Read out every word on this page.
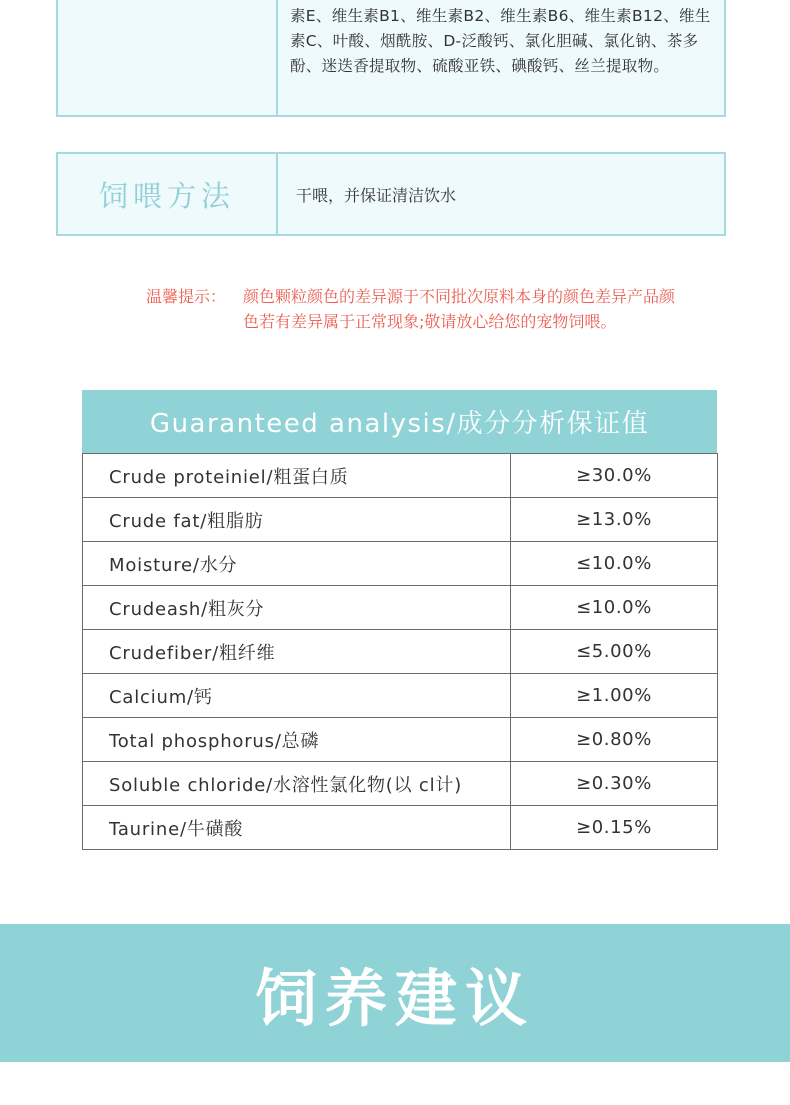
素E、维生素B1、维生素B2、维生素B6、维生素B12、维生素C、叶酸、烟酰胺、D-泛酸钙、氯化胆碱、氯化钠、茶多酚、迷迭香提取物、硫酸亚铁、碘酸钙、丝兰提取物。
饲喂方法	干喂，并保证清洁饮水
温馨提示： 颜色颗粒颜色的差异源于不同批次原料本身的颜色差异产品颜色若有差异属于正常现象;敬请放心给您的宠物饲喂。
Guaranteed analysis/成分分析保证值
Crude proteiniel/粗蛋白质	≥30.0%
Crude fat/粗脂肪	≥13.0%
Moisture/水分	≤10.0%
Crudeash/粗灰分	≤10.0%
Crudefiber/粗纤维	≤5.00%
Calcium/钙	≥1.00%
Total phosphorus/总磷	≥0.80%
Soluble chloride/水溶性氯化物(以 cl计)	≥0.30%
Taurine/牛磺酸	≥0.15%
饲养建议
